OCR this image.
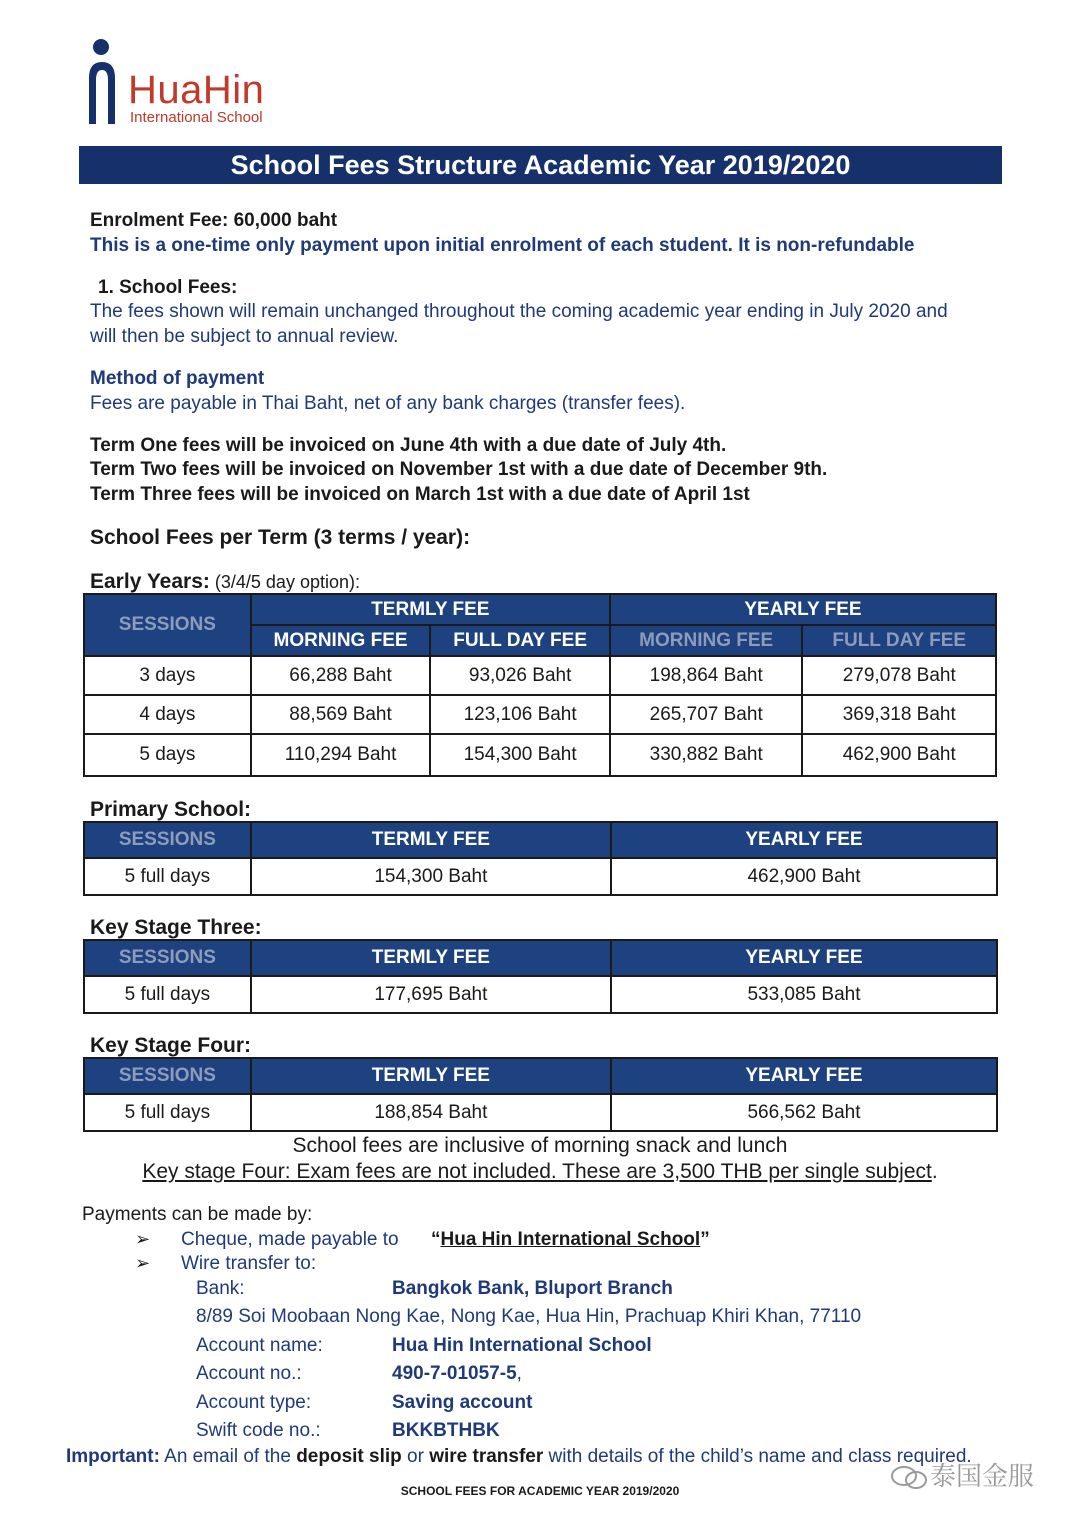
HuaHin
International School
School Fees Structure Academic Year 2019/2020
Enrolment Fee: 60,000 baht
This is a one-time only payment upon initial enrolment of each student. It is non-refundable
1. School Fees:
The fees shown will remain unchanged throughout the coming academic year ending in July 2020 and
will then be subject to annual review.
Method of payment
Fees are payable in Thai Baht, net of any bank charges (transfer fees).
Term One fees will be invoiced on June 4th with a due date of July 4th.
Term Two fees will be invoiced on November 1st with a due date of December 9th.
Term Three fees will be invoiced on March 1st with a due date of April 1st
School Fees per Term (3 terms / year):
Early Years: (3/4/5 day option):
SESSIONS	TERMLY FEE		YEARLY FEE	
	MORNING FEE	FULL DAY FEE	MORNING FEE	FULL DAY FEE
3 days	66,288 Baht	93,026 Baht	198,864 Baht	279,078 Baht
4 days	88,569 Baht	123,106 Baht	265,707 Baht	369,318 Baht
5 days	110,294 Baht	154,300 Baht	330,882 Baht	462,900 Baht
Primary School:
SESSIONS	TERMLY FEE	YEARLY FEE
5 full days	154,300 Baht	462,900 Baht
Key Stage Three:
SESSIONS	TERMLY FEE	YEARLY FEE
5 full days	177,695 Baht	533,085 Baht
Key Stage Four:
SESSIONS	TERMLY FEE	YEARLY FEE
5 full days	188,854 Baht	566,562 Baht
School fees are inclusive of morning snack and lunch
Key stage Four: Exam fees are not included. These are 3,500 THB per single subject.
Payments can be made by:
➢ Cheque, made payable to “Hua Hin International School”
➢ Wire transfer to:
Bank:	Bangkok Bank, Bluport Branch
8/89 Soi Moobaan Nong Kae, Nong Kae, Hua Hin, Prachuap Khiri Khan, 77110
Account name:	Hua Hin International School
Account no.:	490-7-01057-5,
Account type:	Saving account
Swift code no.:	BKKBTHBK
Important: An email of the deposit slip or wire transfer with details of the child’s name and class required.
泰国金服
SCHOOL FEES FOR ACADEMIC YEAR 2019/2020
